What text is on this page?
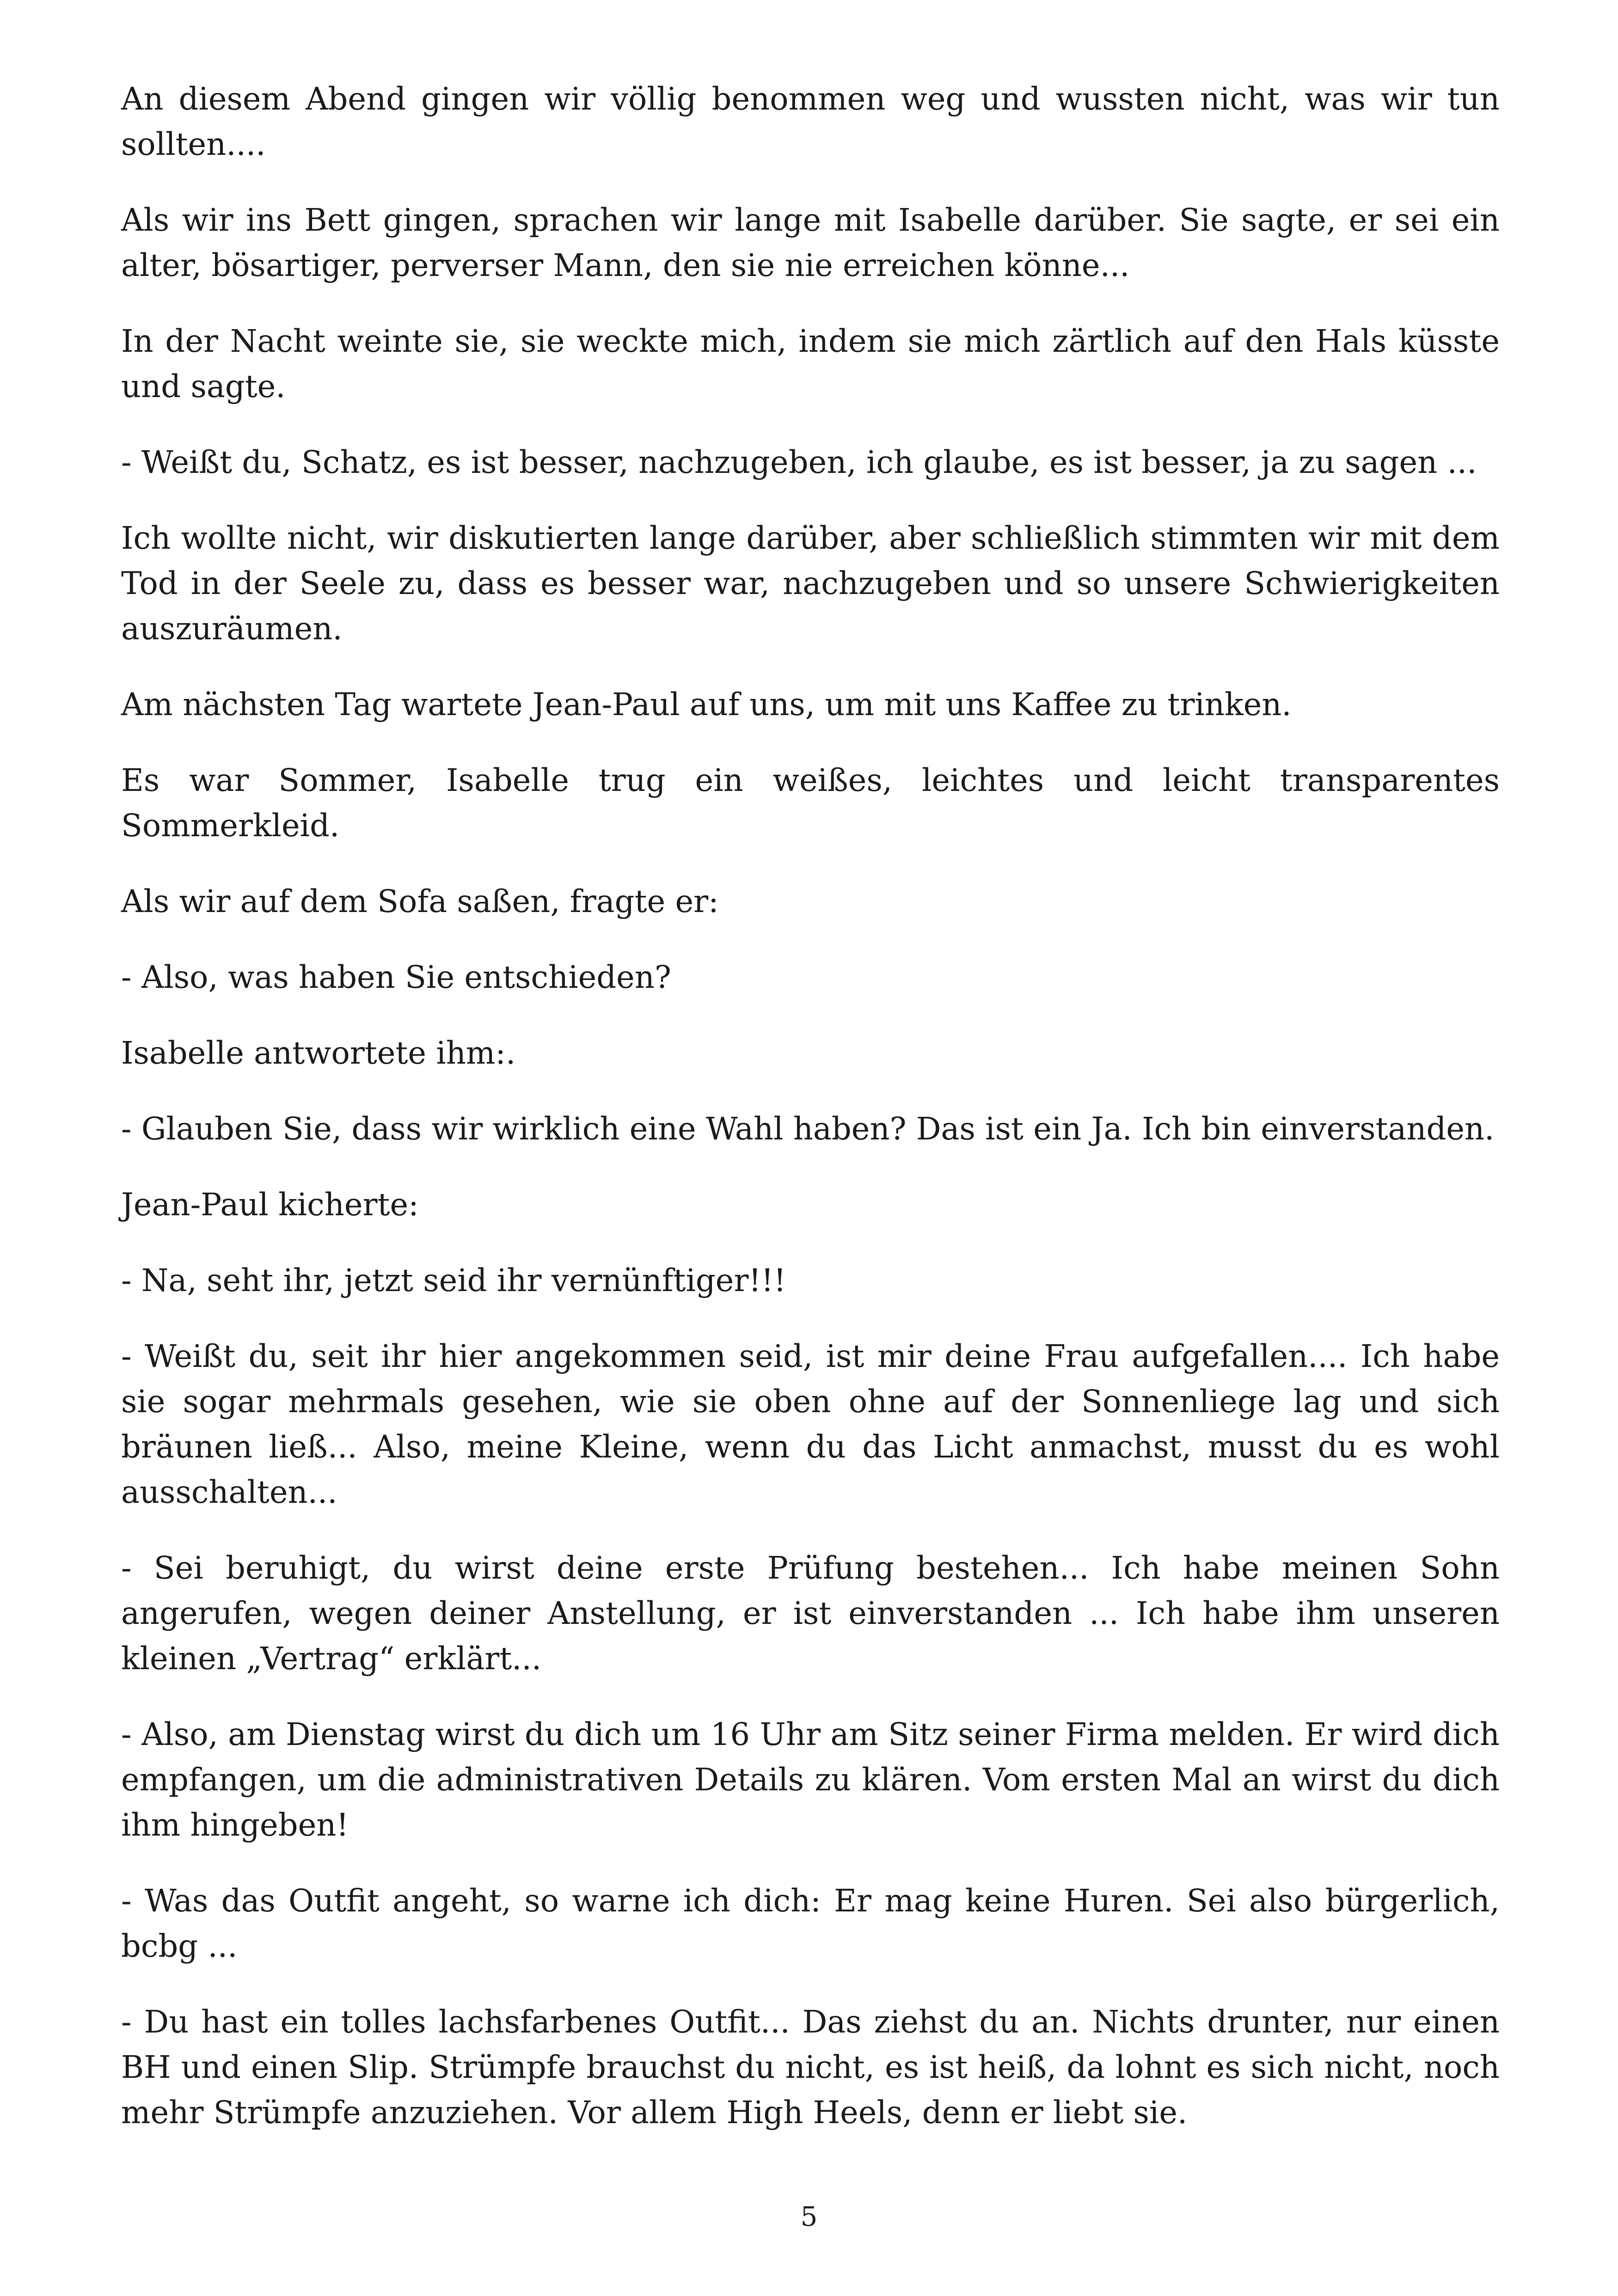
An diesem Abend gingen wir völlig benommen weg und wussten nicht, was wir tun sollten....

Als wir ins Bett gingen, sprachen wir lange mit Isabelle darüber. Sie sagte, er sei ein alter, bösartiger, perverser Mann, den sie nie erreichen könne...

In der Nacht weinte sie, sie weckte mich, indem sie mich zärtlich auf den Hals küsste und sagte.

- Weißt du, Schatz, es ist besser, nachzugeben, ich glaube, es ist besser, ja zu sagen ...

Ich wollte nicht, wir diskutierten lange darüber, aber schließlich stimmten wir mit dem Tod in der Seele zu, dass es besser war, nachzugeben und so unsere Schwierigkeiten auszuräumen.

Am nächsten Tag wartete Jean-Paul auf uns, um mit uns Kaffee zu trinken.

Es war Sommer, Isabelle trug ein weißes, leichtes und leicht transparentes Sommerkleid.

Als wir auf dem Sofa saßen, fragte er:

- Also, was haben Sie entschieden?

Isabelle antwortete ihm:.

- Glauben Sie, dass wir wirklich eine Wahl haben? Das ist ein Ja. Ich bin einverstanden.

Jean-Paul kicherte:

- Na, seht ihr, jetzt seid ihr vernünftiger!!!

- Weißt du, seit ihr hier angekommen seid, ist mir deine Frau aufgefallen.... Ich habe sie sogar mehrmals gesehen, wie sie oben ohne auf der Sonnenliege lag und sich bräunen ließ... Also, meine Kleine, wenn du das Licht anmachst, musst du es wohl ausschalten...

- Sei beruhigt, du wirst deine erste Prüfung bestehen... Ich habe meinen Sohn angerufen, wegen deiner Anstellung, er ist einverstanden ... Ich habe ihm unseren kleinen „Vertrag“ erklärt...

- Also, am Dienstag wirst du dich um 16 Uhr am Sitz seiner Firma melden. Er wird dich empfangen, um die administrativen Details zu klären. Vom ersten Mal an wirst du dich ihm hingeben!

- Was das Outfit angeht, so warne ich dich: Er mag keine Huren. Sei also bürgerlich, bcbg ...

- Du hast ein tolles lachsfarbenes Outfit... Das ziehst du an. Nichts drunter, nur einen BH und einen Slip. Strümpfe brauchst du nicht, es ist heiß, da lohnt es sich nicht, noch mehr Strümpfe anzuziehen. Vor allem High Heels, denn er liebt sie.

5
